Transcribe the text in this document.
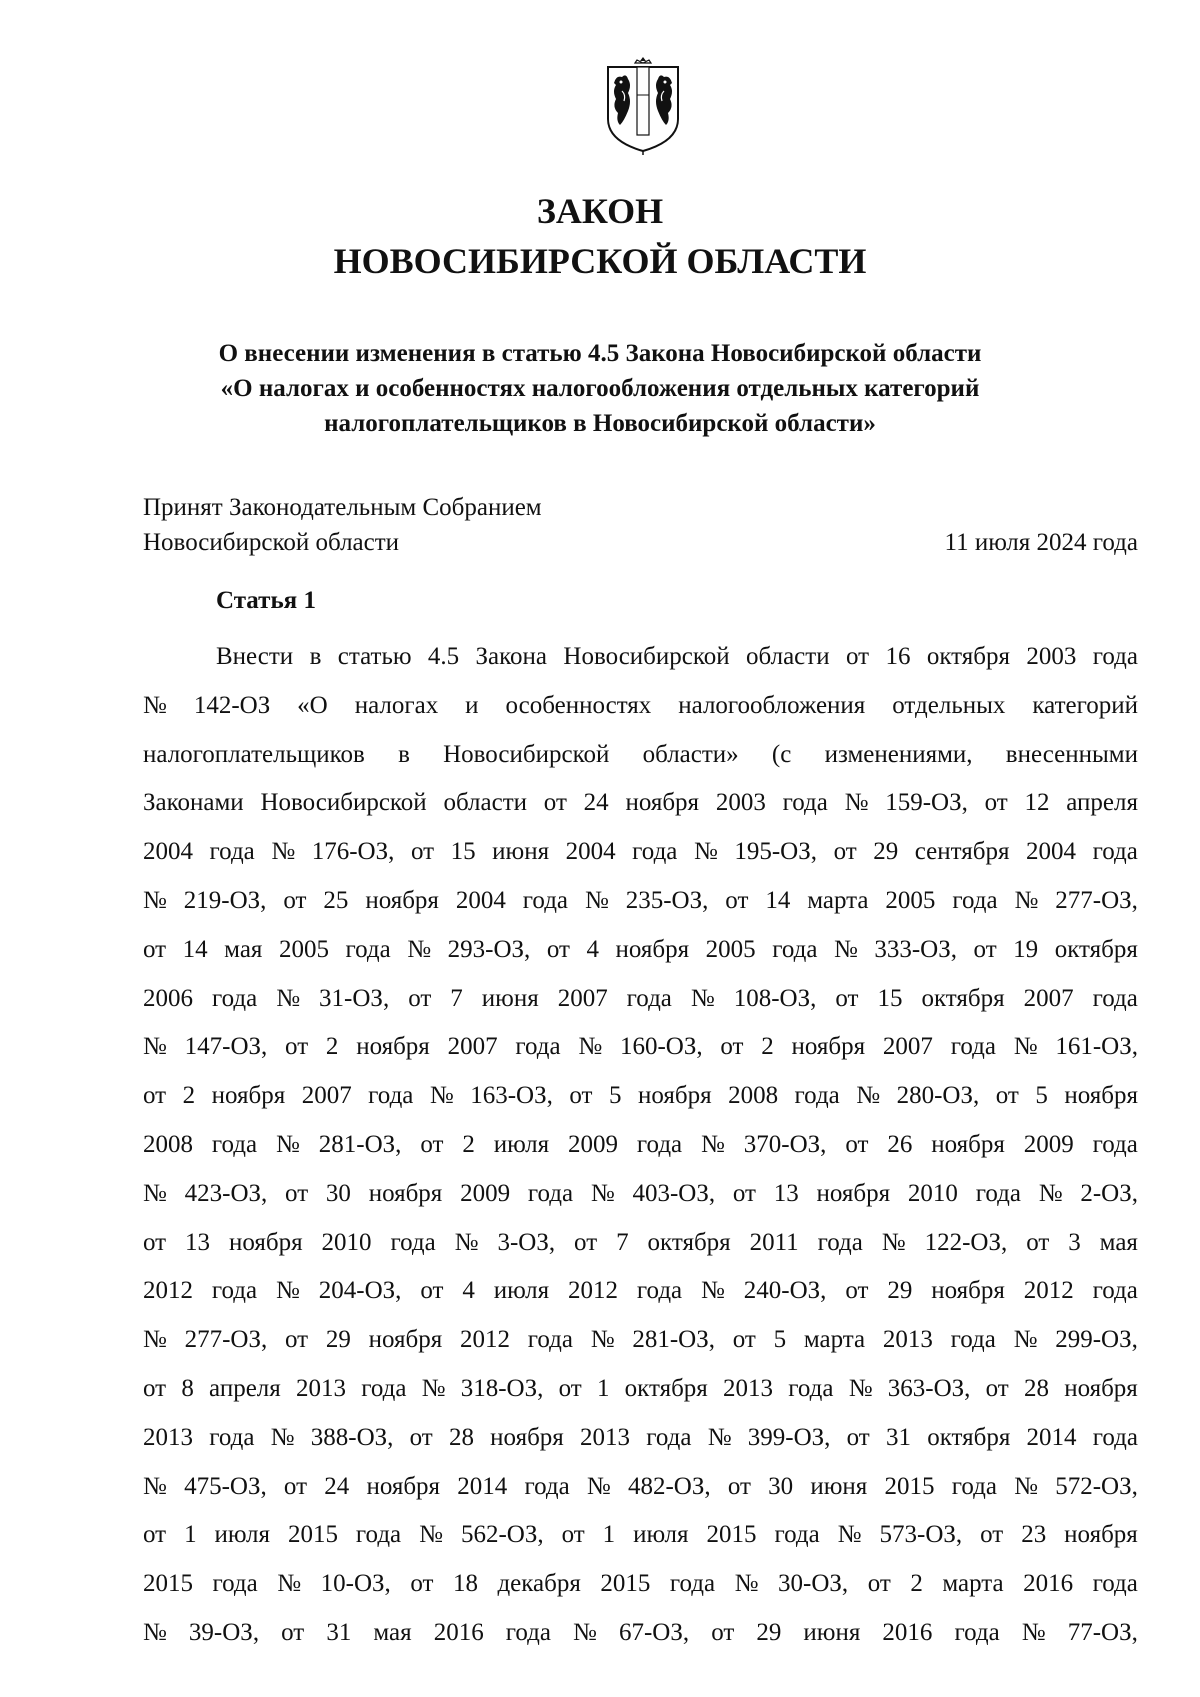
ЗАКОН
НОВОСИБИРСКОЙ ОБЛАСТИ
О внесении изменения в статью 4.5 Закона Новосибирской области
«О налогах и особенностях налогообложения отдельных категорий
налогоплательщиков в Новосибирской области»
Принят Законодательным Собранием
Новосибирской области	11 июля 2024 года
Статья 1
Внести в статью 4.5 Закона Новосибирской области от 16 октября 2003 года
№ 142-ОЗ «О налогах и особенностях налогообложения отдельных категорий
налогоплательщиков в Новосибирской области» (с изменениями, внесенными
Законами Новосибирской области от 24 ноября 2003 года № 159-ОЗ, от 12 апреля
2004 года № 176-ОЗ, от 15 июня 2004 года № 195-ОЗ, от 29 сентября 2004 года
№ 219-ОЗ, от 25 ноября 2004 года № 235-ОЗ, от 14 марта 2005 года № 277-ОЗ,
от 14 мая 2005 года № 293-ОЗ, от 4 ноября 2005 года № 333-ОЗ, от 19 октября
2006 года № 31-ОЗ, от 7 июня 2007 года № 108-ОЗ, от 15 октября 2007 года
№ 147-ОЗ, от 2 ноября 2007 года № 160-ОЗ, от 2 ноября 2007 года № 161-ОЗ,
от 2 ноября 2007 года № 163-ОЗ, от 5 ноября 2008 года № 280-ОЗ, от 5 ноября
2008 года № 281-ОЗ, от 2 июля 2009 года № 370-ОЗ, от 26 ноября 2009 года
№ 423-ОЗ, от 30 ноября 2009 года № 403-ОЗ, от 13 ноября 2010 года № 2-ОЗ,
от 13 ноября 2010 года № 3-ОЗ, от 7 октября 2011 года № 122-ОЗ, от 3 мая
2012 года № 204-ОЗ, от 4 июля 2012 года № 240-ОЗ, от 29 ноября 2012 года
№ 277-ОЗ, от 29 ноября 2012 года № 281-ОЗ, от 5 марта 2013 года № 299-ОЗ,
от 8 апреля 2013 года № 318-ОЗ, от 1 октября 2013 года № 363-ОЗ, от 28 ноября
2013 года № 388-ОЗ, от 28 ноября 2013 года № 399-ОЗ, от 31 октября 2014 года
№ 475-ОЗ, от 24 ноября 2014 года № 482-ОЗ, от 30 июня 2015 года № 572-ОЗ,
от 1 июля 2015 года № 562-ОЗ, от 1 июля 2015 года № 573-ОЗ, от 23 ноября
2015 года № 10-ОЗ, от 18 декабря 2015 года № 30-ОЗ, от 2 марта 2016 года
№ 39-ОЗ, от 31 мая 2016 года № 67-ОЗ, от 29 июня 2016 года № 77-ОЗ,
